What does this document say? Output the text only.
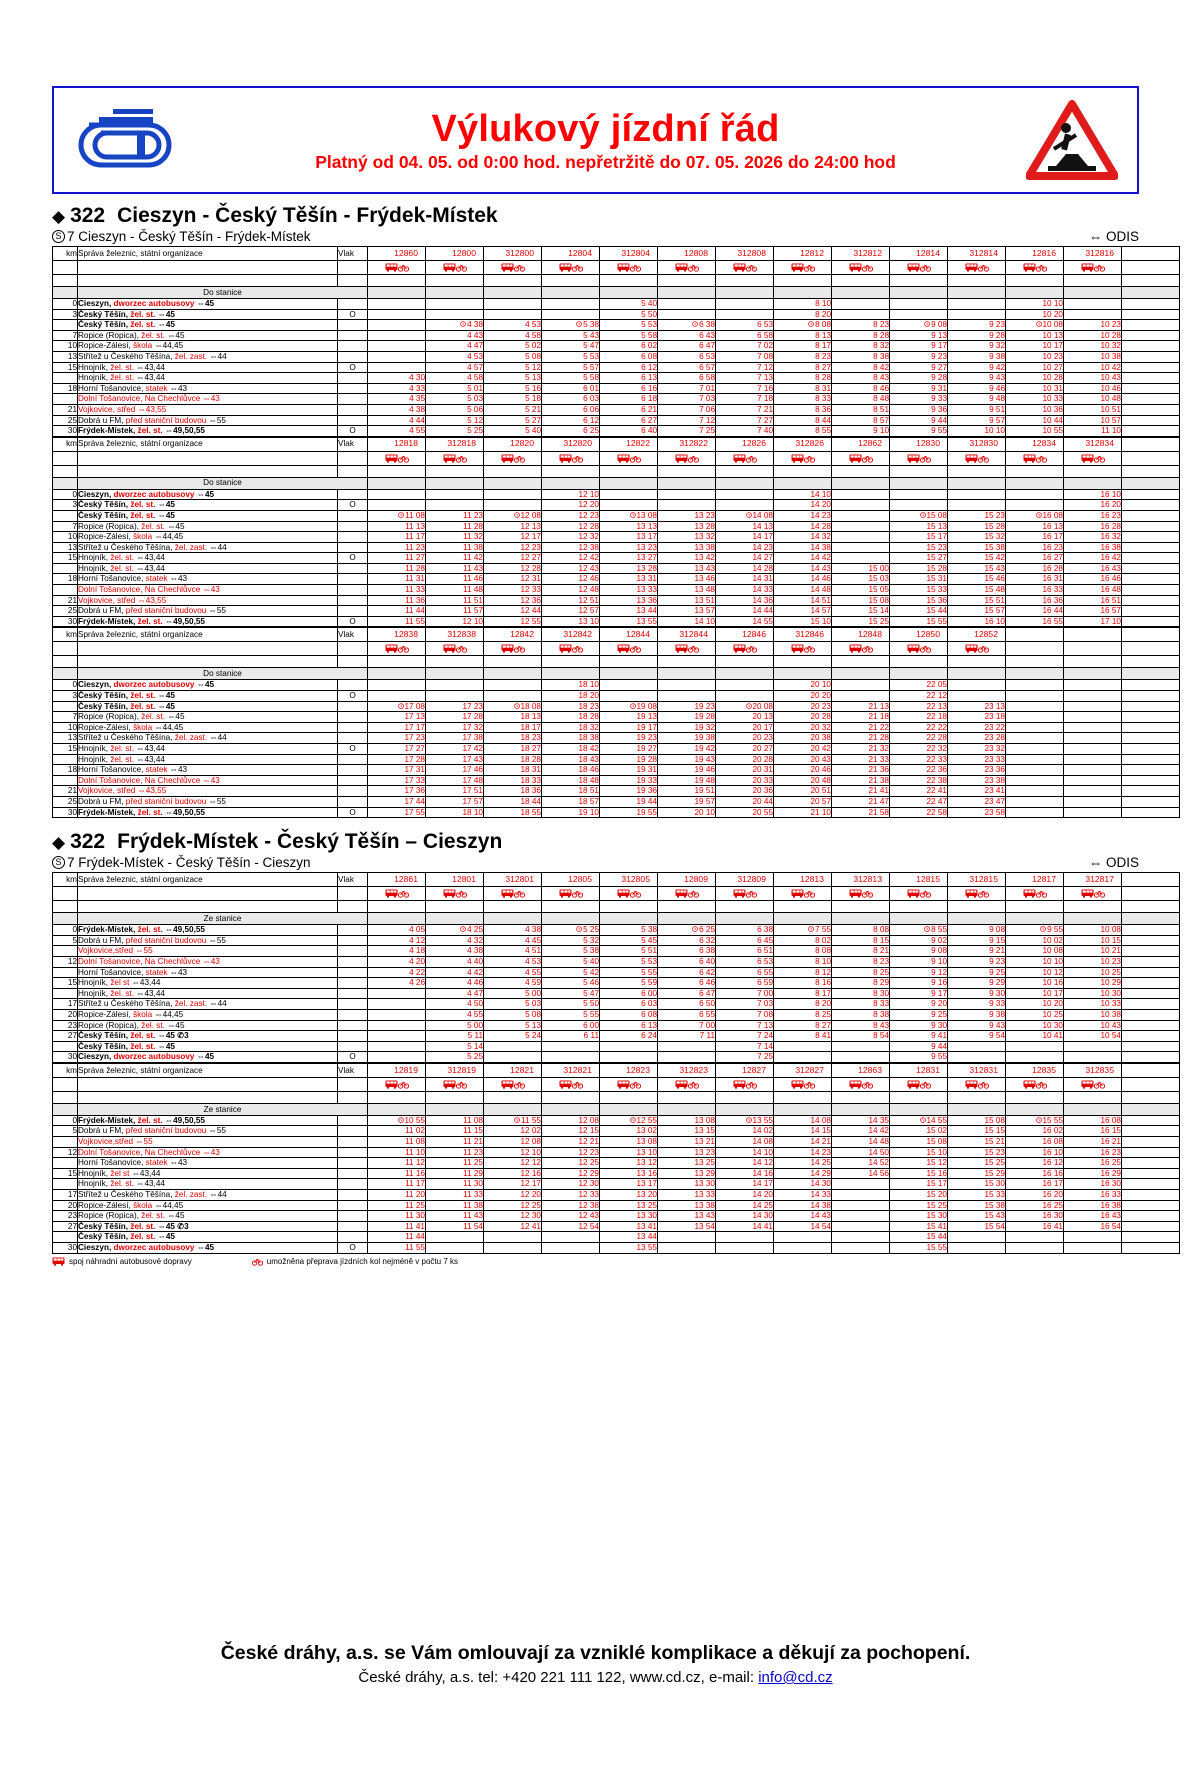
Výlukový jízdní řád
Platný od 04. 05. od 0:00 hod. nepřetržitě do 07. 05. 2026 do 24:00 hod
◆ 322 Cieszyn - Český Těšín - Frýdek-Místek
S 7 Cieszyn - Český Těšín - Frýdek-Místek	⇔ ODIS
km	Správa železnic, státní organizace	Vlak	12860	12800	312800	12804	312804	12808	312808	12812	312812	12814	312814	12816	312816	

	Do stanice															
0	Cieszyn, dworzec autobusovy ⇔45						5 40			8 10				10 10		
3	Český Těšín, žel. st. ⇔45	O					5 50			8 20				10 20		
	Český Těšín, žel. st. ⇔45			4 38	4 53	5 38	5 53	6 38	6 53	8 08	8 23	9 08	9 23	10 08	10 23	
7	Ropice (Ropica), žel. st. ⇔45			4 43	4 58	5 43	5 58	6 43	6 58	8 13	8 28	9 13	9 28	10 13	10 28	
10	Ropice-Zálesí, škola ⇔44,45			4 47	5 02	5 47	6 02	6 47	7 02	8 17	8 32	9 17	9 32	10 17	10 32	
13	Střítež u Českého Těšína, žel. zast. ⇔44			4 53	5 08	5 53	6 08	6 53	7 08	8 23	8 38	9 23	9 38	10 23	10 38	
15	Hnojník, žel. st. ⇔43,44	O		4 57	5 12	5 57	6 12	6 57	7 12	8 27	8 42	9 27	9 42	10 27	10 42	
	Hnojník, žel. st. ⇔43,44		4 30	4 58	5 13	5 58	6 13	6 58	7 13	8 28	8 43	9 28	9 43	10 28	10 43	
18	Horní Tošanovice, statek ⇔43		4 33	5 01	5 16	6 01	6 16	7 01	7 16	8 31	8 46	9 31	9 46	10 31	10 46	
	Dolní Tošanovice, Na Chechlůvce ⇔43		4 35	5 03	5 18	6 03	6 18	7 03	7 18	8 33	8 48	9 33	9 48	10 33	10 48	
21	Vojkovice, střed ⇔43,55		4 38	5 06	5 21	6 06	6 21	7 06	7 21	8 36	8 51	9 36	9 51	10 36	10 51	
25	Dobrá u FM, před staniční budovou ⇔55		4 44	5 12	5 27	6 12	6 27	7 12	7 27	8 44	8 57	9 44	9 57	10 44	10 57	
30	Frýdek-Místek, žel. st. ⇔49,50,55	O	4 55	5 25	5 40	6 25	6 40	7 25	7 40	8 55	9 10	9 55	10 10	10 55	11 10	
km	Správa železnic, státní organizace	Vlak	12818	312818	12820	312820	12822	312822	12826	312826	12862	12830	312830	12834	312834	

	Do stanice															
0	Cieszyn, dworzec autobusovy ⇔45					12 10				14 10					16 10	
3	Český Těšín, žel. st. ⇔45	O				12 20				14 20					16 20	
	Český Těšín, žel. st. ⇔45		11 08	11 23	12 08	12 23	13 08	13 23	14 08	14 23		15 08	15 23	16 08	16 23	
7	Ropice (Ropica), žel. st. ⇔45		11 13	11 28	12 13	12 28	13 13	13 28	14 13	14 28		15 13	15 28	16 13	16 28	
10	Ropice-Zálesí, škola ⇔44,45		11 17	11 32	12 17	12 32	13 17	13 32	14 17	14 32		15 17	15 32	16 17	16 32	
13	Střítež u Českého Těšína, žel. zast. ⇔44		11 23	11 38	12 23	12 38	13 23	13 38	14 23	14 38		15 23	15 38	16 23	16 38	
15	Hnojník, žel. st. ⇔43,44	O	11 27	11 42	12 27	12 42	13 27	13 42	14 27	14 42		15 27	15 42	16 27	16 42	
	Hnojník, žel. st. ⇔43,44		11 28	11 43	12 28	12 43	13 28	13 43	14 28	14 43	15 00	15 28	15 43	16 28	16 43	
18	Horní Tošanovice, statek ⇔43		11 31	11 46	12 31	12 46	13 31	13 46	14 31	14 46	15 03	15 31	15 46	16 31	16 46	
	Dolní Tošanovice, Na Chechlůvce ⇔43		11 33	11 48	12 33	12 48	13 33	13 48	14 33	14 48	15 05	15 33	15 48	16 33	16 48	
21	Vojkovice, střed ⇔43,55		11 36	11 51	12 36	12 51	13 36	13 51	14 36	14 51	15 08	15 36	15 51	16 36	16 51	
25	Dobrá u FM, před staniční budovou ⇔55		11 44	11 57	12 44	12 57	13 44	13 57	14 44	14 57	15 14	15 44	15 57	16 44	16 57	
30	Frýdek-Místek, žel. st. ⇔49,50,55	O	11 55	12 10	12 55	13 10	13 55	14 10	14 55	15 10	15 25	15 55	16 10	16 55	17 10	
km	Správa železnic, státní organizace	Vlak	12838	312838	12842	312842	12844	312844	12846	312846	12848	12850	12852			

	Do stanice															
0	Cieszyn, dworzec autobusovy ⇔45					18 10				20 10		22 05				
3	Český Těšín, žel. st. ⇔45	O				18 20				20 20		22 12				
	Český Těšín, žel. st. ⇔45		17 08	17 23	18 08	18 23	19 08	19 23	20 08	20 23	21 13	22 13	23 13			
7	Ropice (Ropica), žel. st. ⇔45		17 13	17 28	18 13	18 28	19 13	19 28	20 13	20 28	21 18	22 18	23 18			
10	Ropice-Zálesí, škola ⇔44,45		17 17	17 32	18 17	18 32	19 17	19 32	20 17	20 32	21 22	22 22	23 22			
13	Střítež u Českého Těšína, žel. zast. ⇔44		17 23	17 38	18 23	18 38	19 23	19 38	20 23	20 38	21 28	22 28	23 28			
15	Hnojník, žel. st. ⇔43,44	O	17 27	17 42	18 27	18 42	19 27	19 42	20 27	20 42	21 32	22 32	23 32			
	Hnojník, žel. st. ⇔43,44		17 28	17 43	18 28	18 43	19 28	19 43	20 28	20 43	21 33	22 33	23 33			
18	Horní Tošanovice, statek ⇔43		17 31	17 46	18 31	18 46	19 31	19 46	20 31	20 46	21 36	22 36	23 36			
	Dolní Tošanovice, Na Chechlůvce ⇔43		17 33	17 48	18 33	18 48	19 33	19 48	20 33	20 48	21 38	22 38	23 38			
21	Vojkovice, střed ⇔43,55		17 36	17 51	18 36	18 51	19 36	19 51	20 36	20 51	21 41	22 41	23 41			
25	Dobrá u FM, před staniční budovou ⇔55		17 44	17 57	18 44	18 57	19 44	19 57	20 44	20 57	21 47	22 47	23 47			
30	Frýdek-Místek, žel. st. ⇔49,50,55	O	17 55	18 10	18 55	19 10	19 55	20 10	20 55	21 10	21 58	22 58	23 58			
◆ 322 Frýdek-Místek - Český Těšín – Cieszyn
S 7 Frýdek-Místek - Český Těšín - Cieszyn	⇔ ODIS
km	Správa železnic, státní organizace	Vlak	12861	12801	312801	12805	312805	12809	312809	12813	312813	12815	312815	12817	312817	

	Ze stanice															
0	Frýdek-Místek, žel. st. ⇔49,50,55		4 05	4 25	4 38	5 25	5 38	6 25	6 38	7 55	8 08	8 55	9 08	9 55	10 08	
5	Dobrá u FM, před staniční budovou ⇔55		4 12	4 32	4 45	5 32	5 45	6 32	6 45	8 02	8 15	9 02	9 15	10 02	10 15	
	Vojkovice,střed ⇔55		4 18	4 38	4 51	5 38	5 51	6 38	6 51	8 08	8 21	9 08	9 21	10 08	10 21	
12	Dolní Tošanovice, Na Chechlůvce ⇔43		4 20	4 40	4 53	5 40	5 53	6 40	6 53	8 10	8 23	9 10	9 23	10 10	10 23	
	Horní Tošanovice, statek ⇔43		4 22	4 42	4 55	5 42	5 55	6 42	6 55	8 12	8 25	9 12	9 25	10 12	10 25	
15	Hnojník, žel st ⇔43,44		4 26	4 46	4 59	5 46	5 59	6 46	6 59	8 16	8 29	9 16	9 29	10 16	10 29	
	Hnojník, žel. st. ⇔43,44			4 47	5 00	5 47	6 00	6 47	7 00	8 17	8 30	9 17	9 30	10 17	10 30	
17	Střítež u Českého Těšína, žel. zast. ⇔44			4 50	5 03	5 50	6 03	6 50	7 03	8 20	8 33	9 20	9 33	10 20	10 33	
20	Ropice-Zálesí, škola ⇔44,45			4 55	5 08	5 55	6 08	6 55	7 08	8 25	8 38	9 25	9 38	10 25	10 38	
23	Ropice (Ropica), žel. st. ⇔45			5 00	5 13	6 00	6 13	7 00	7 13	8 27	8 43	9 30	9 43	10 30	10 43	
27	Český Těšín, žel. st. ⇔45 ✆3			5 11	5 24	6 11	6 24	7 11	7 24	8 41	8 54	9 41	9 54	10 41	10 54	
	Český Těšín, žel. st. ⇔45			5 14					7 14			9 44				
30	Cieszyn, dworzec autobusovy ⇔45	O		5 25					7 25			9 55				
km	Správa železnic, státní organizace	Vlak	12819	312819	12821	312821	12823	312823	12827	312827	12863	12831	312831	12835	312835	

	Ze stanice															
0	Frýdek-Místek, žel. st. ⇔49,50,55		10 55	11 08	11 55	12 08	12 55	13 08	13 55	14 08	14 35	14 55	15 08	15 55	16 08	
5	Dobrá u FM, před staniční budovou ⇔55		11 02	11 15	12 02	12 15	13 02	13 15	14 02	14 15	14 42	15 02	15 15	16 02	16 15	
	Vojkovice,střed ⇔55		11 08	11 21	12 08	12 21	13 08	13 21	14 08	14 21	14 48	15 08	15 21	16 08	16 21	
12	Dolní Tošanovice, Na Chechlůvce ⇔43		11 10	11 23	12 10	12 23	13 10	13 23	14 10	14 23	14 50	15 10	15 23	16 10	16 23	
	Horní Tošanovice, statek ⇔43		11 12	11 25	12 12	12 25	13 12	13 25	14 12	14 25	14 52	15 12	15 25	16 12	16 25	
15	Hnojník, žel st ⇔43,44		11 16	11 29	12 16	12 29	13 16	13 29	14 16	14 29	14 56	15 16	15 29	16 16	16 29	
	Hnojník, žel. st. ⇔43,44		11 17	11 30	12 17	12 30	13 17	13 30	14 17	14 30		15 17	15 30	16 17	16 30	
17	Střítež u Českého Těšína, žel. zast. ⇔44		11 20	11 33	12 20	12 33	13 20	13 33	14 20	14 33		15 20	15 33	16 20	16 33	
20	Ropice-Zálesí, škola ⇔44,45		11 25	11 38	12 25	12 38	13 25	13 38	14 25	14 38		15 25	15 38	16 25	16 38	
23	Ropice (Ropica), žel. st. ⇔45		11 30	11 43	12 30	12 43	13 30	13 43	14 30	14 43		15 30	15 43	16 30	16 43	
27	Český Těšín, žel. st. ⇔45 ✆3		11 41	11 54	12 41	12 54	13 41	13 54	14 41	14 54		15 41	15 54	16 41	16 54	
	Český Těšín, žel. st. ⇔45		11 44				13 44					15 44				
30	Cieszyn, dworzec autobusovy ⇔45	O	11 55				13 55					15 55				
spoj náhradní autobusové dopravy	umožněna přeprava jízdních kol nejméně v počtu 7 ks
České dráhy, a.s. se Vám omlouvají za vzniklé komplikace a děkují za pochopení.
České dráhy, a.s. tel: +420 221 111 122, www.cd.cz, e-mail: info@cd.cz
